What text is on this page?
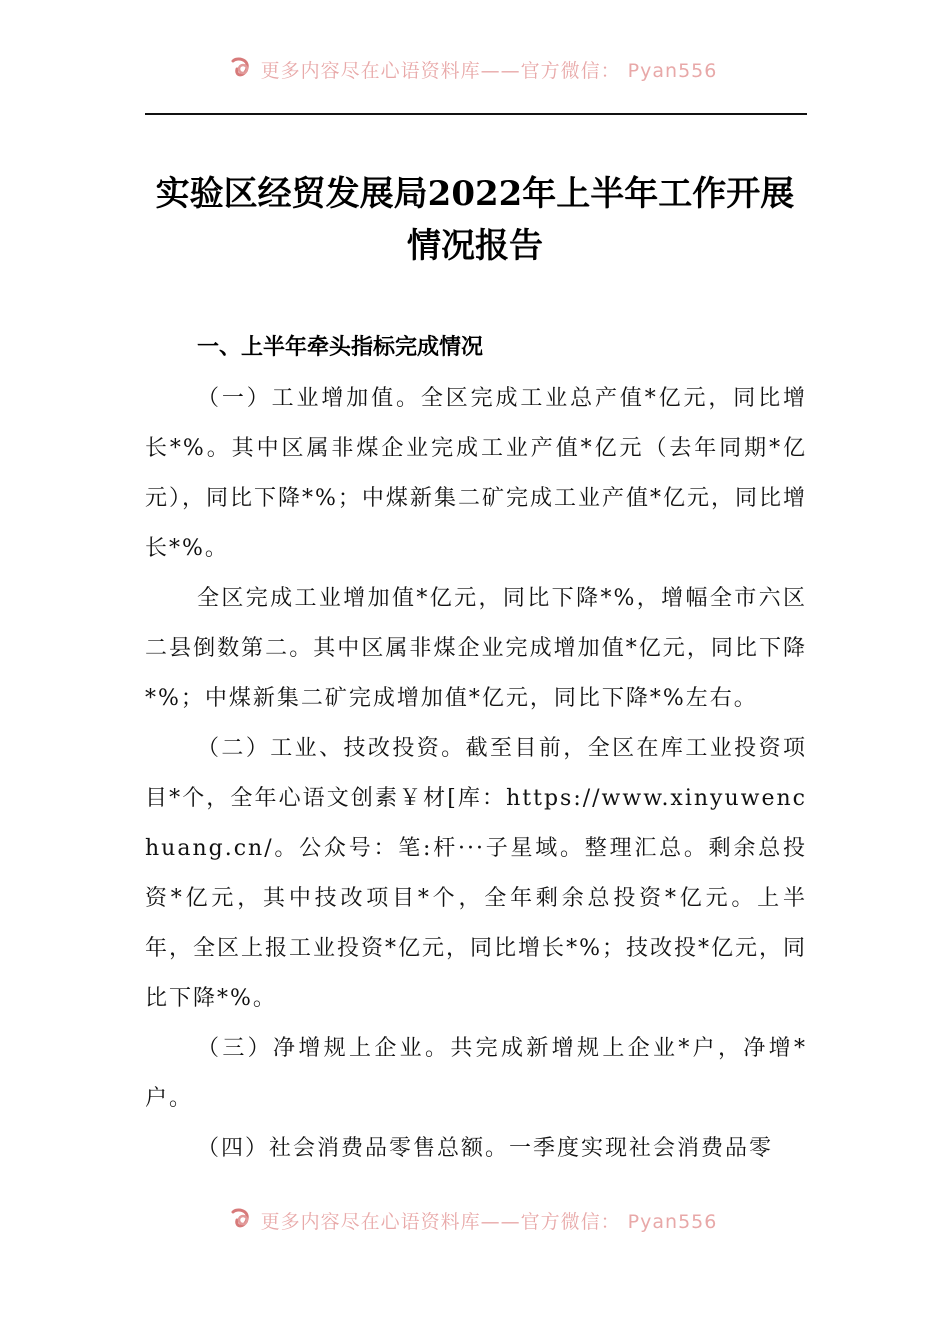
更多内容尽在心语资料库——官方微信： Pyan556
实验区经贸发展局2022年上半年工作开展
情况报告
一、上半年牵头指标完成情况

（一）工业增加值。全区完成工业总产值*亿元，同比增长*%。其中区属非煤企业完成工业产值*亿元（去年同期*亿元），同比下降*%；中煤新集二矿完成工业产值*亿元，同比增长*%。

全区完成工业增加值*亿元，同比下降*%，增幅全市六区二县倒数第二。其中区属非煤企业完成增加值*亿元，同比下降*%；中煤新集二矿完成增加值*亿元，同比下降*%左右。

（二）工业、技改投资。截至目前，全区在库工业投资项目*个，全年心语文创素￥材[库：https://www.xinyuwenchuang.cn/。公众号：笔:杆···子星域。整理汇总。剩余总投资*亿元，其中技改项目*个，全年剩余总投资*亿元。上半年，全区上报工业投资*亿元，同比增长*%；技改投*亿元，同比下降*%。

（三）净增规上企业。共完成新增规上企业*户，净增*户。

（四）社会消费品零售总额。一季度实现社会消费品零

更多内容尽在心语资料库——官方微信： Pyan556
